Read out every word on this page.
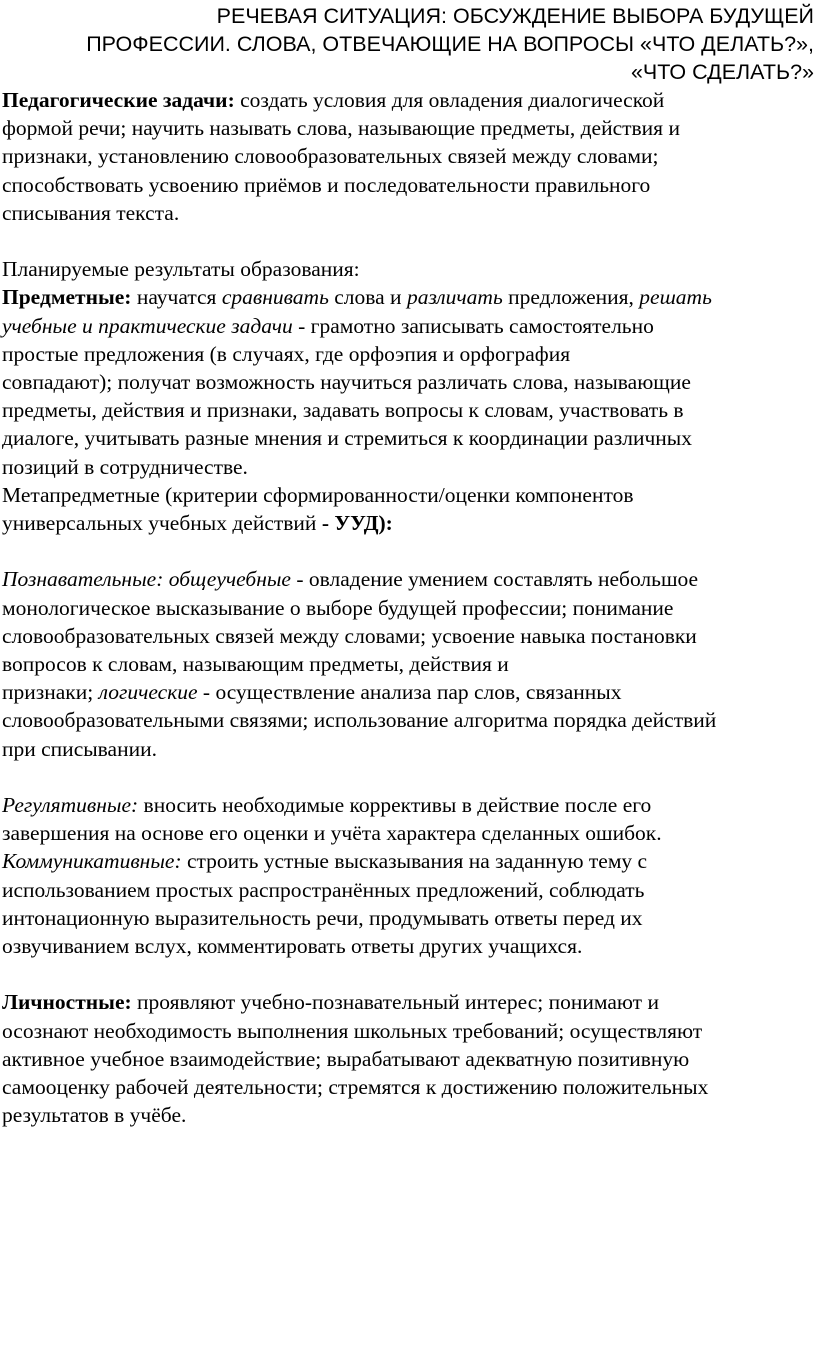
РЕЧЕВАЯ СИТУАЦИЯ: ОБСУЖДЕНИЕ ВЫБОРА БУДУЩЕЙ
ПРОФЕССИИ. СЛОВА, ОТВЕЧАЮЩИЕ НА ВОПРОСЫ «ЧТО ДЕЛАТЬ?»,
«ЧТО СДЕЛАТЬ?»

Педагогические задачи: создать условия для овладения диалогической
формой речи; научить называть слова, называющие предметы, действия и
признаки, установлению словообразовательных связей между словами;
способствовать усвоению приёмов и последовательности правильного
списывания текста.

Планируемые результаты образования:

Предметные: научатся сравнивать слова и различать предложения, решать
учебные и практические задачи - грамотно записывать самостоятельно
простые предложения (в случаях, где орфоэпия и орфография
совпадают); получат возможность научиться различать слова, называющие
предметы, действия и признаки, задавать вопросы к словам, участвовать в
диалоге, учитывать разные мнения и стремиться к координации различных
позиций в сотрудничестве.

Метапредметные (критерии сформированности/оценки компонентов
универсальных учебных действий - УУД):

Познавательные: общеучебные - овладение умением составлять небольшое
монологическое высказывание о выборе будущей профессии; понимание
словообразовательных связей между словами; усвоение навыка постановки
вопросов к словам, называющим предметы, действия и
признаки; логические - осуществление анализа пар слов, связанных
словообразовательными связями; использование алгоритма порядка действий
при списывании.

Регулятивные: вносить необходимые коррективы в действие после его
завершения на основе его оценки и учёта характера сделанных ошибок.

Коммуникативные: строить устные высказывания на заданную тему с
использованием простых распространённых предложений, соблюдать
интонационную выразительность речи, продумывать ответы перед их
озвучиванием вслух, комментировать ответы других учащихся.

Личностные: проявляют учебно-познавательный интерес; понимают и
осознают необходимость выполнения школьных требований; осуществляют
активное учебное взаимодействие; вырабатывают адекватную позитивную
самооценку рабочей деятельности; стремятся к достижению положительных
результатов в учёбе.
